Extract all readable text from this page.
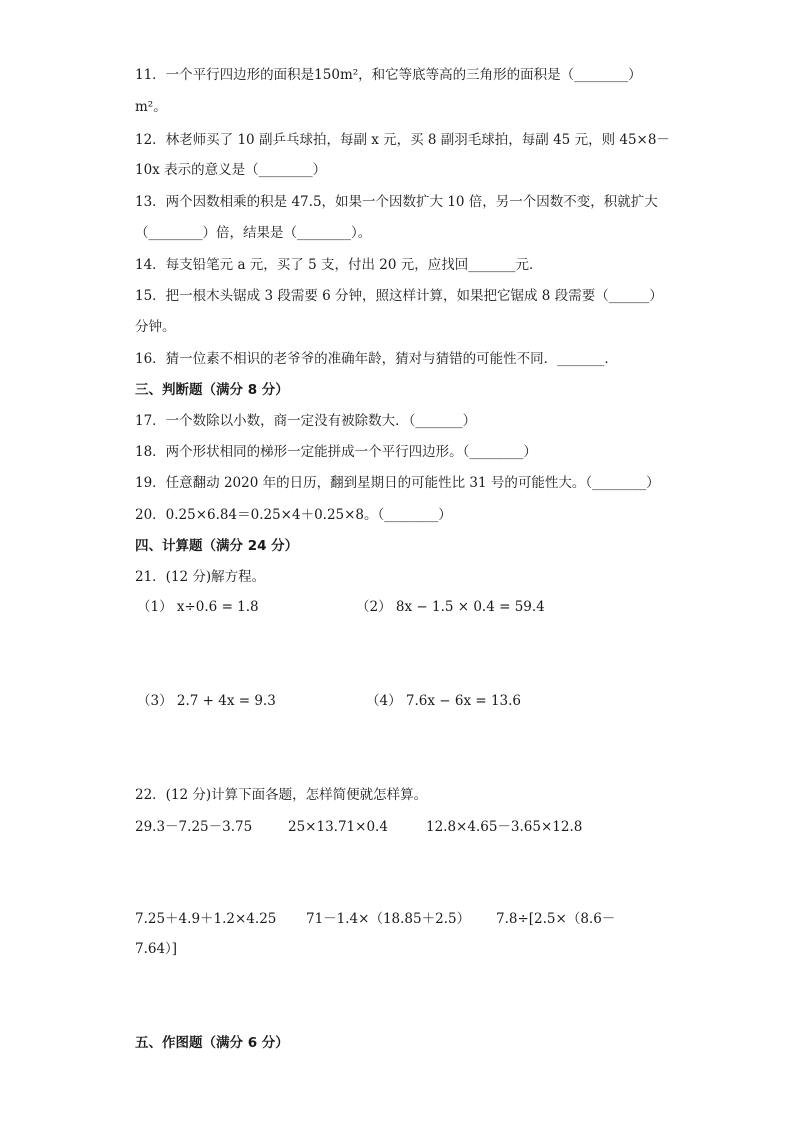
11．一个平行四边形的面积是150m²，和它等底等高的三角形的面积是（________）
m²。
12．林老师买了 10 副乒乓球拍，每副 x 元，买 8 副羽毛球拍，每副 45 元，则 45×8－
10x 表示的意义是（________）
13．两个因数相乘的积是 47.5，如果一个因数扩大 10 倍，另一个因数不变，积就扩大
（________）倍，结果是（________）。
14．每支铅笔元 a 元，买了 5 支，付出 20 元，应找回_______元．
15．把一根木头锯成 3 段需要 6 分钟，照这样计算，如果把它锯成 8 段需要（______）
分钟。
16．猜一位素不相识的老爷爷的准确年龄，猜对与猜错的可能性不同．_______．
三、判断题（满分 8 分）
17．一个数除以小数，商一定没有被除数大．（_______）
18．两个形状相同的梯形一定能拼成一个平行四边形。（________）
19．任意翻动 2020 年的日历，翻到星期日的可能性比 31 号的可能性大。（________）
20．0.25×6.84＝0.25×4＋0.25×8。（________）
四、计算题（满分 24 分）
21．(12 分)解方程。
（1） x÷0.6 = 1.8	（2） 8x − 1.5 × 0.4 = 59.4
（3） 2.7 + 4x = 9.3	（4） 7.6x − 6x = 13.6
22．(12 分)计算下面各题，怎样简便就怎样算。
29.3－7.25－3.75	25×13.71×0.4	12.8×4.65－3.65×12.8
7.25＋4.9＋1.2×4.25 71－1.4×（18.85＋2.5） 7.8÷[2.5×（8.6－
7.64）]
五、作图题（满分 6 分）
